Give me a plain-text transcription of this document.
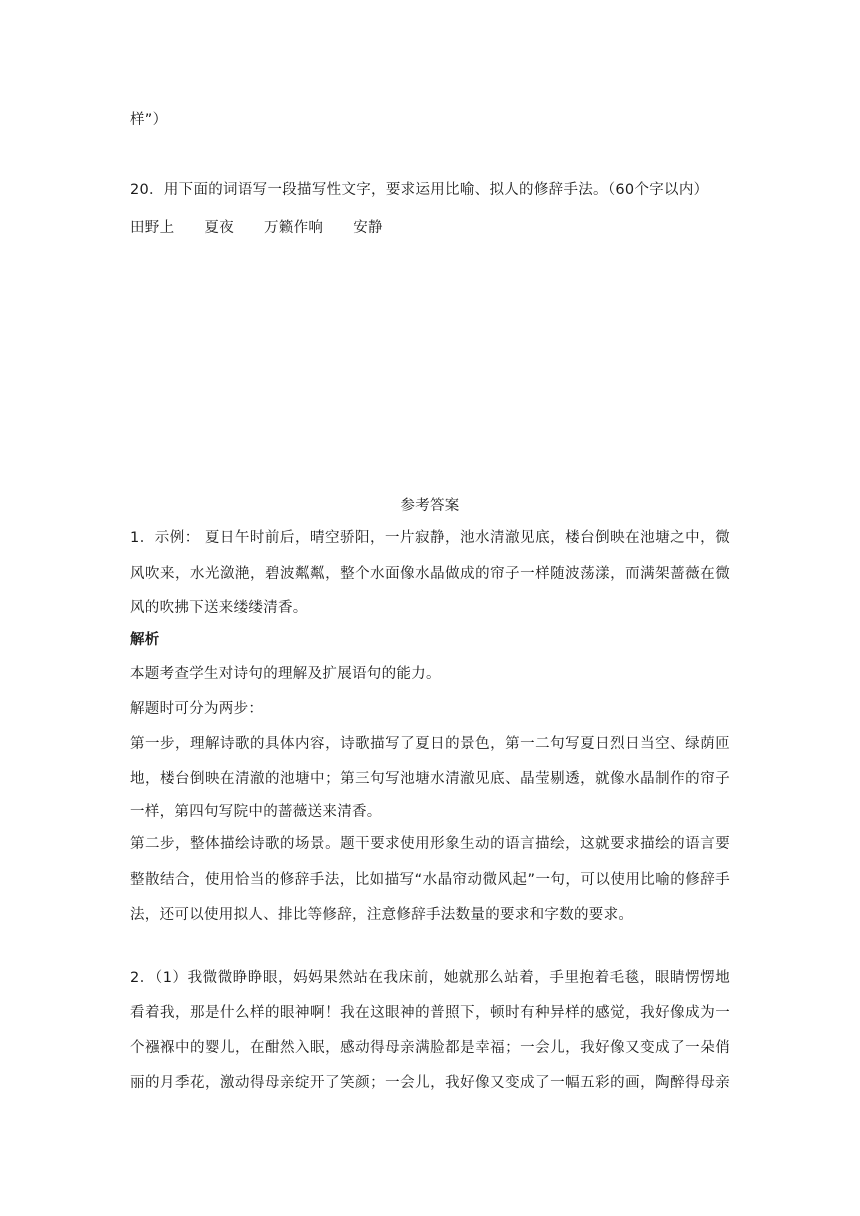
样”）
20．用下面的词语写一段描写性文字，要求运用比喻、拟人的修辞手法。（60个字以内）
田野上 夏夜 万籁作响 安静
参考答案
1．示例： 夏日午时前后，晴空骄阳，一片寂静，池水清澈见底，楼台倒映在池塘之中，微
风吹来，水光潋滟，碧波粼粼，整个水面像水晶做成的帘子一样随波荡漾，而满架蔷薇在微
风的吹拂下送来缕缕清香。
解析
本题考查学生对诗句的理解及扩展语句的能力。
解题时可分为两步：
第一步，理解诗歌的具体内容，诗歌描写了夏日的景色，第一二句写夏日烈日当空、绿荫匝
地，楼台倒映在清澈的池塘中；第三句写池塘水清澈见底、晶莹剔透，就像水晶制作的帘子
一样，第四句写院中的蔷薇送来清香。
第二步，整体描绘诗歌的场景。题干要求使用形象生动的语言描绘，这就要求描绘的语言要
整散结合，使用恰当的修辞手法，比如描写“水晶帘动微风起”一句，可以使用比喻的修辞手
法，还可以使用拟人、排比等修辞，注意修辞手法数量的要求和字数的要求。
2．（1）我微微睁睁眼，妈妈果然站在我床前，她就那么站着，手里抱着毛毯，眼睛愣愣地
看着我，那是什么样的眼神啊！我在这眼神的普照下，顿时有种异样的感觉，我好像成为一
个襁褓中的婴儿，在酣然入眠，感动得母亲满脸都是幸福；一会儿，我好像又变成了一朵俏
丽的月季花，激动得母亲绽开了笑颜；一会儿，我好像又变成了一幅五彩的画，陶醉得母亲
